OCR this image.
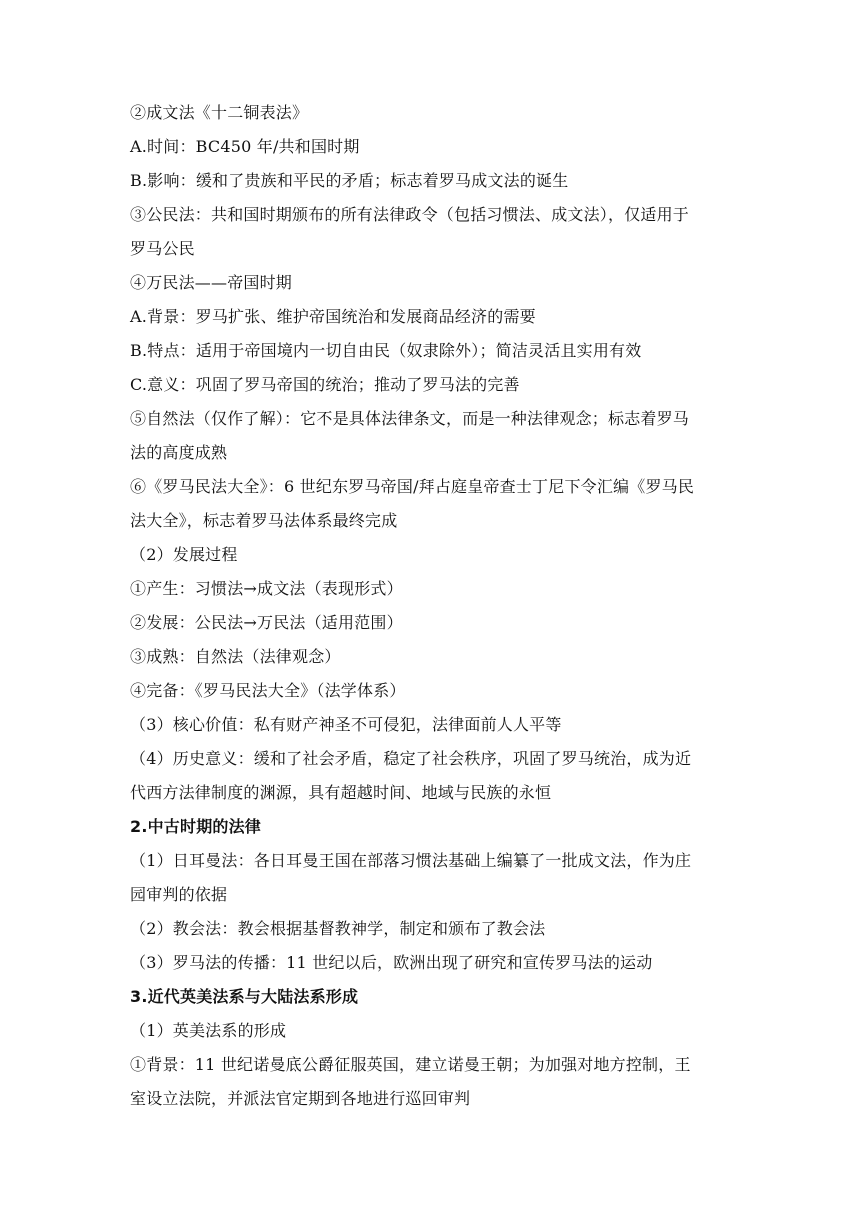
②成文法《十二铜表法》
A.时间：BC450 年/共和国时期
B.影响：缓和了贵族和平民的矛盾；标志着罗马成文法的诞生
③公民法：共和国时期颁布的所有法律政令（包括习惯法、成文法），仅适用于
罗马公民
④万民法——帝国时期
A.背景：罗马扩张、维护帝国统治和发展商品经济的需要
B.特点：适用于帝国境内一切自由民（奴隶除外）；简洁灵活且实用有效
C.意义：巩固了罗马帝国的统治；推动了罗马法的完善
⑤自然法（仅作了解）：它不是具体法律条文，而是一种法律观念；标志着罗马
法的高度成熟
⑥《罗马民法大全》：6 世纪东罗马帝国/拜占庭皇帝查士丁尼下令汇编《罗马民
法大全》，标志着罗马法体系最终完成
（2）发展过程
①产生：习惯法→成文法（表现形式）
②发展：公民法→万民法（适用范围）
③成熟：自然法（法律观念）
④完备：《罗马民法大全》（法学体系）
（3）核心价值：私有财产神圣不可侵犯，法律面前人人平等
（4）历史意义：缓和了社会矛盾，稳定了社会秩序，巩固了罗马统治，成为近
代西方法律制度的渊源，具有超越时间、地域与民族的永恒
2.中古时期的法律
（1）日耳曼法：各日耳曼王国在部落习惯法基础上编纂了一批成文法，作为庄
园审判的依据
（2）教会法：教会根据基督教神学，制定和颁布了教会法
（3）罗马法的传播：11 世纪以后，欧洲出现了研究和宣传罗马法的运动
3.近代英美法系与大陆法系形成
（1）英美法系的形成
①背景：11 世纪诺曼底公爵征服英国，建立诺曼王朝；为加强对地方控制，王
室设立法院，并派法官定期到各地进行巡回审判
